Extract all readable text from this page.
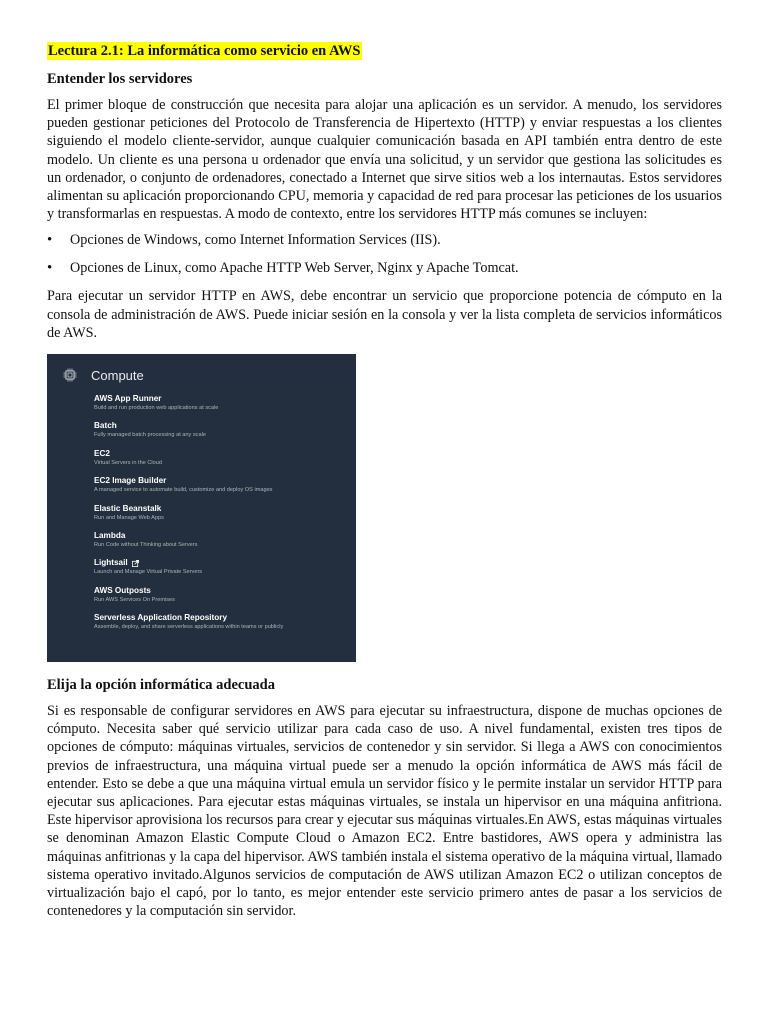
Lectura 2.1: La informática como servicio en AWS
Entender los servidores

El primer bloque de construcción que necesita para alojar una aplicación es un servidor. A menudo, los servidores pueden gestionar peticiones del Protocolo de Transferencia de Hipertexto (HTTP) y enviar respuestas a los clientes siguiendo el modelo cliente-servidor, aunque cualquier comunicación basada en API también entra dentro de este modelo. Un cliente es una persona u ordenador que envía una solicitud, y un servidor que gestiona las solicitudes es un ordenador, o conjunto de ordenadores, conectado a Internet que sirve sitios web a los internautas. Estos servidores alimentan su aplicación proporcionando CPU, memoria y capacidad de red para procesar las peticiones de los usuarios y transformarlas en respuestas. A modo de contexto, entre los servidores HTTP más comunes se incluyen:

• Opciones de Windows, como Internet Information Services (IIS).
• Opciones de Linux, como Apache HTTP Web Server, Nginx y Apache Tomcat.

Para ejecutar un servidor HTTP en AWS, debe encontrar un servicio que proporcione potencia de cómputo en la consola de administración de AWS. Puede iniciar sesión en la consola y ver la lista completa de servicios informáticos de AWS.

Compute
AWS App Runner
Build and run production web applications at scale
Batch
Fully managed batch processing at any scale
EC2
Virtual Servers in the Cloud
EC2 Image Builder
A managed service to automate build, customize and deploy OS images
Elastic Beanstalk
Run and Manage Web Apps
Lambda
Run Code without Thinking about Servers
Lightsail
Launch and Manage Virtual Private Servers
AWS Outposts
Run AWS Services On Premises
Serverless Application Repository
Assemble, deploy, and share serverless applications within teams or publicly
Elija la opción informática adecuada

Si es responsable de configurar servidores en AWS para ejecutar su infraestructura, dispone de muchas opciones de cómputo. Necesita saber qué servicio utilizar para cada caso de uso. A nivel fundamental, existen tres tipos de opciones de cómputo: máquinas virtuales, servicios de contenedor y sin servidor. Si llega a AWS con conocimientos previos de infraestructura, una máquina virtual puede ser a menudo la opción informática de AWS más fácil de entender. Esto se debe a que una máquina virtual emula un servidor físico y le permite instalar un servidor HTTP para ejecutar sus aplicaciones. Para ejecutar estas máquinas virtuales, se instala un hipervisor en una máquina anfitriona. Este hipervisor aprovisiona los recursos para crear y ejecutar sus máquinas virtuales.En AWS, estas máquinas virtuales se denominan Amazon Elastic Compute Cloud o Amazon EC2. Entre bastidores, AWS opera y administra las máquinas anfitrionas y la capa del hipervisor. AWS también instala el sistema operativo de la máquina virtual, llamado sistema operativo invitado.Algunos servicios de computación de AWS utilizan Amazon EC2 o utilizan conceptos de virtualización bajo el capó, por lo tanto, es mejor entender este servicio primero antes de pasar a los servicios de contenedores y la computación sin servidor.
